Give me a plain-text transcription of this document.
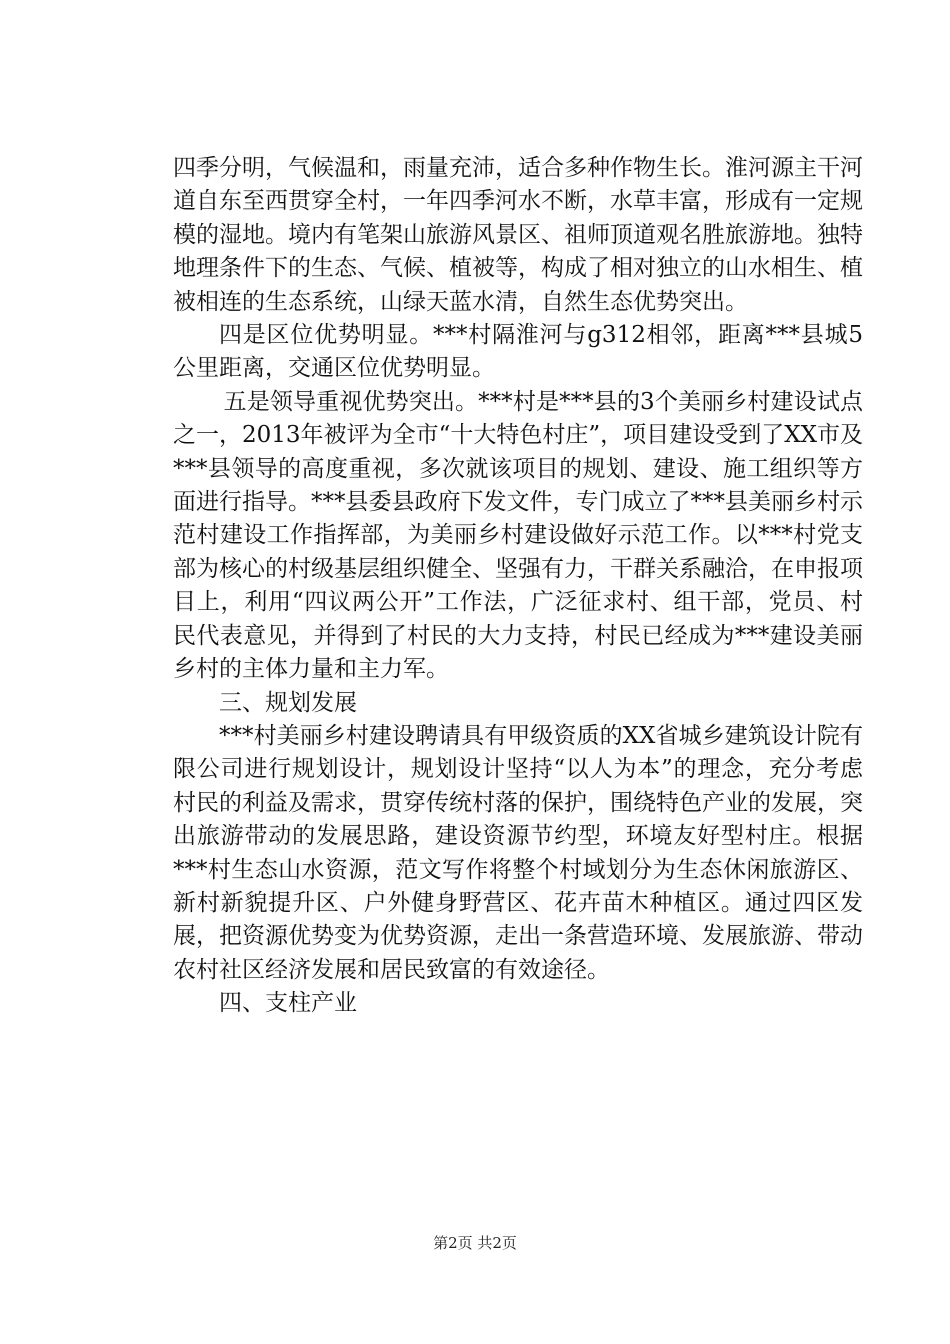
四季分明，气候温和，雨量充沛，适合多种作物生长。淮河源主干河道自东至西贯穿全村，一年四季河水不断，水草丰富，形成有一定规模的湿地。境内有笔架山旅游风景区、祖师顶道观名胜旅游地。独特地理条件下的生态、气候、植被等，构成了相对独立的山水相生、植被相连的生态系统，山绿天蓝水清，自然生态优势突出。

四是区位优势明显。***村隔淮河与g312相邻，距离***县城5公里距离，交通区位优势明显。

五是领导重视优势突出。***村是***县的3个美丽乡村建设试点之一，2013年被评为全市“十大特色村庄”，项目建设受到了XX市及***县领导的高度重视，多次就该项目的规划、建设、施工组织等方面进行指导。***县委县政府下发文件，专门成立了***县美丽乡村示范村建设工作指挥部，为美丽乡村建设做好示范工作。以***村党支部为核心的村级基层组织健全、坚强有力，干群关系融洽，在申报项目上，利用“四议两公开”工作法，广泛征求村、组干部，党员、村民代表意见，并得到了村民的大力支持，村民已经成为***建设美丽乡村的主体力量和主力军。

三、规划发展

***村美丽乡村建设聘请具有甲级资质的XX省城乡建筑设计院有限公司进行规划设计，规划设计坚持“以人为本”的理念，充分考虑村民的利益及需求，贯穿传统村落的保护，围绕特色产业的发展，突出旅游带动的发展思路，建设资源节约型，环境友好型村庄。根据***村生态山水资源，范文写作将整个村域划分为生态休闲旅游区、新村新貌提升区、户外健身野营区、花卉苗木种植区。通过四区发展，把资源优势变为优势资源，走出一条营造环境、发展旅游、带动农村社区经济发展和居民致富的有效途径。

四、支柱产业

第2页 共2页
